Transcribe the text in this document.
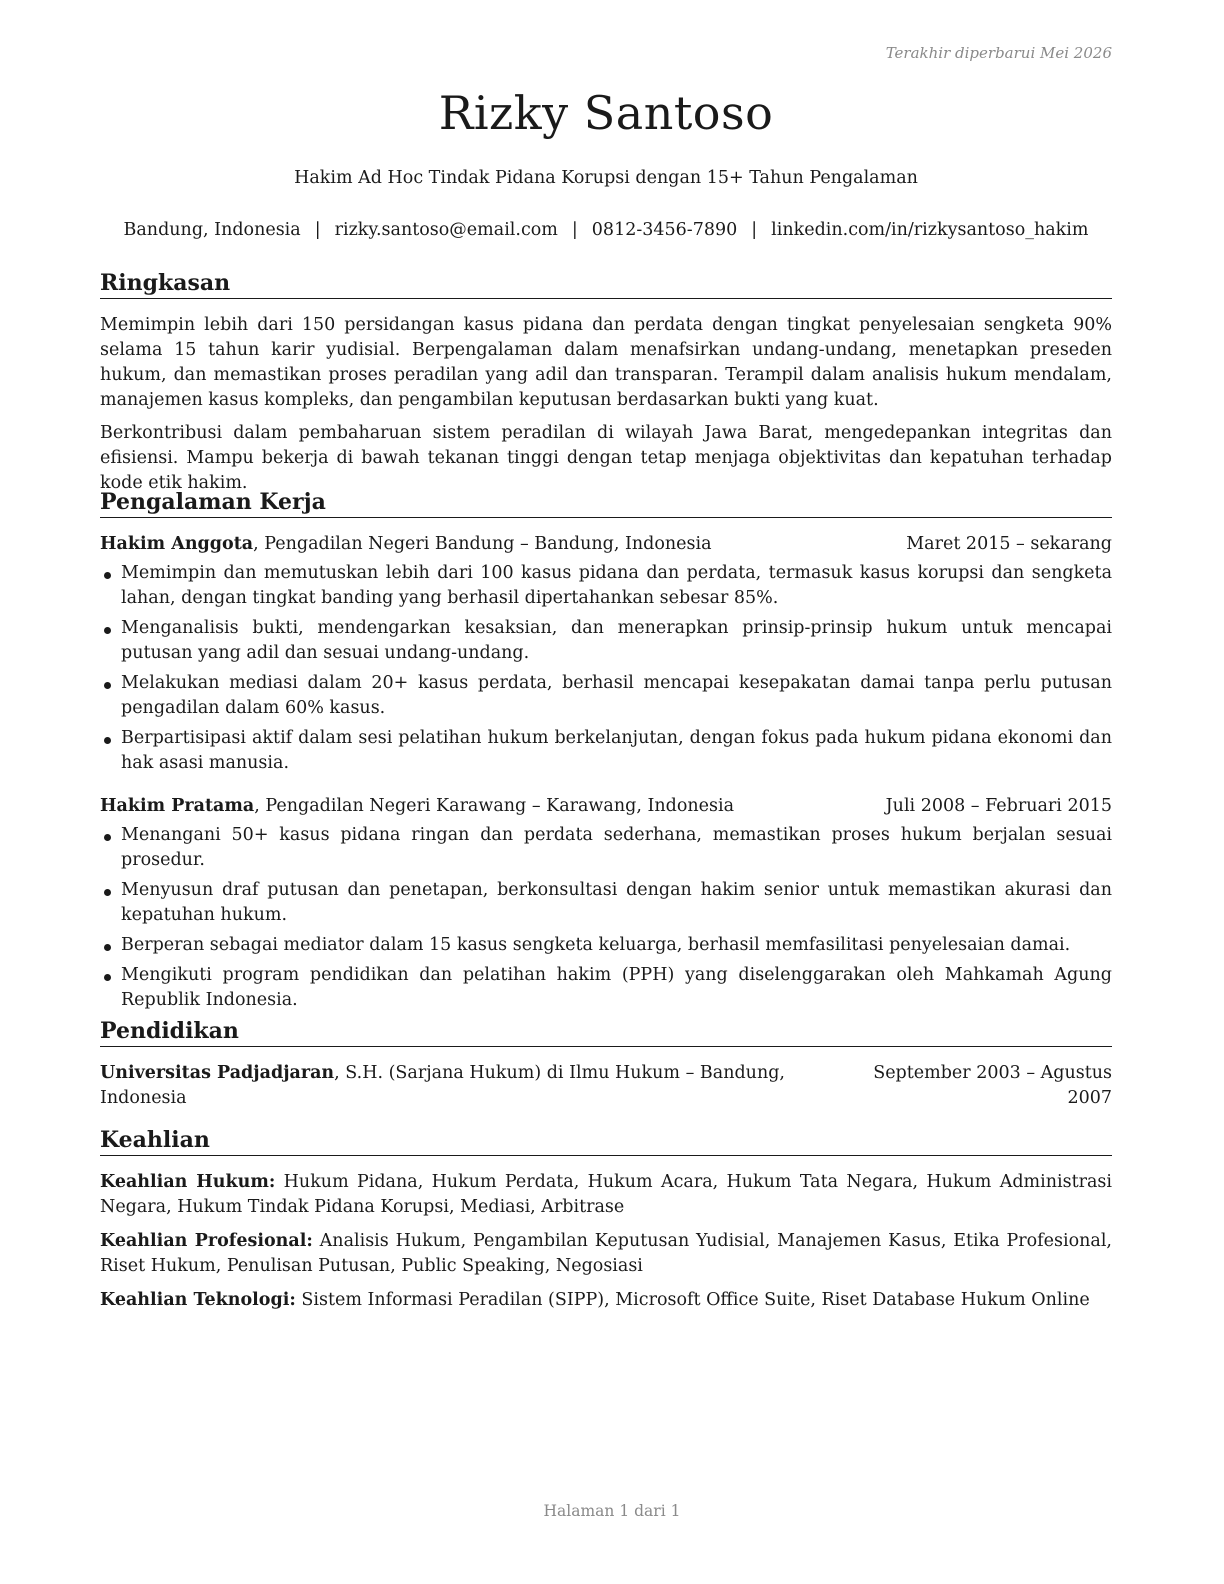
Terakhir diperbarui Mei 2026
Rizky Santoso
Hakim Ad Hoc Tindak Pidana Korupsi dengan 15+ Tahun Pengalaman
Bandung, Indonesia | rizky.santoso@email.com | 0812-3456-7890 | linkedin.com/in/rizkysantoso_hakim
Ringkasan

Memimpin lebih dari 150 persidangan kasus pidana dan perdata dengan tingkat penyelesaian sengketa 90% selama 15 tahun karir yudisial. Berpengalaman dalam menafsirkan undang-undang, menetapkan preseden hukum, dan memastikan proses peradilan yang adil dan transparan. Terampil dalam analisis hukum mendalam, manajemen kasus kompleks, dan pengambilan keputusan berdasarkan bukti yang kuat.

Berkontribusi dalam pembaharuan sistem peradilan di wilayah Jawa Barat, mengedepankan integritas dan efisiensi. Mampu bekerja di bawah tekanan tinggi dengan tetap menjaga objektivitas dan kepatuhan terhadap kode etik hakim.

Pengalaman Kerja
Hakim Anggota, Pengadilan Negeri Bandung – Bandung, Indonesia	Maret 2015 – sekarang
Memimpin dan memutuskan lebih dari 100 kasus pidana dan perdata, termasuk kasus korupsi dan sengketa lahan, dengan tingkat banding yang berhasil dipertahankan sebesar 85%.
Menganalisis bukti, mendengarkan kesaksian, dan menerapkan prinsip-prinsip hukum untuk mencapai putusan yang adil dan sesuai undang-undang.
Melakukan mediasi dalam 20+ kasus perdata, berhasil mencapai kesepakatan damai tanpa perlu putusan pengadilan dalam 60% kasus.
Berpartisipasi aktif dalam sesi pelatihan hukum berkelanjutan, dengan fokus pada hukum pidana ekonomi dan hak asasi manusia.
Hakim Pratama, Pengadilan Negeri Karawang – Karawang, Indonesia	Juli 2008 – Februari 2015
Menangani 50+ kasus pidana ringan dan perdata sederhana, memastikan proses hukum berjalan sesuai prosedur.
Menyusun draf putusan dan penetapan, berkonsultasi dengan hakim senior untuk memastikan akurasi dan kepatuhan hukum.
Berperan sebagai mediator dalam 15 kasus sengketa keluarga, berhasil memfasilitasi penyelesaian damai.
Mengikuti program pendidikan dan pelatihan hakim (PPH) yang diselenggarakan oleh Mahkamah Agung Republik Indonesia.
Pendidikan
Universitas Padjadjaran, S.H. (Sarjana Hukum) di Ilmu Hukum – Bandung, Indonesia
September 2003 – Agustus 2007
Keahlian
Keahlian Hukum: Hukum Pidana, Hukum Perdata, Hukum Acara, Hukum Tata Negara, Hukum Administrasi Negara, Hukum Tindak Pidana Korupsi, Mediasi, Arbitrase
Keahlian Profesional: Analisis Hukum, Pengambilan Keputusan Yudisial, Manajemen Kasus, Etika Profesional, Riset Hukum, Penulisan Putusan, Public Speaking, Negosiasi
Keahlian Teknologi: Sistem Informasi Peradilan (SIPP), Microsoft Office Suite, Riset Database Hukum Online
Halaman 1 dari 1
